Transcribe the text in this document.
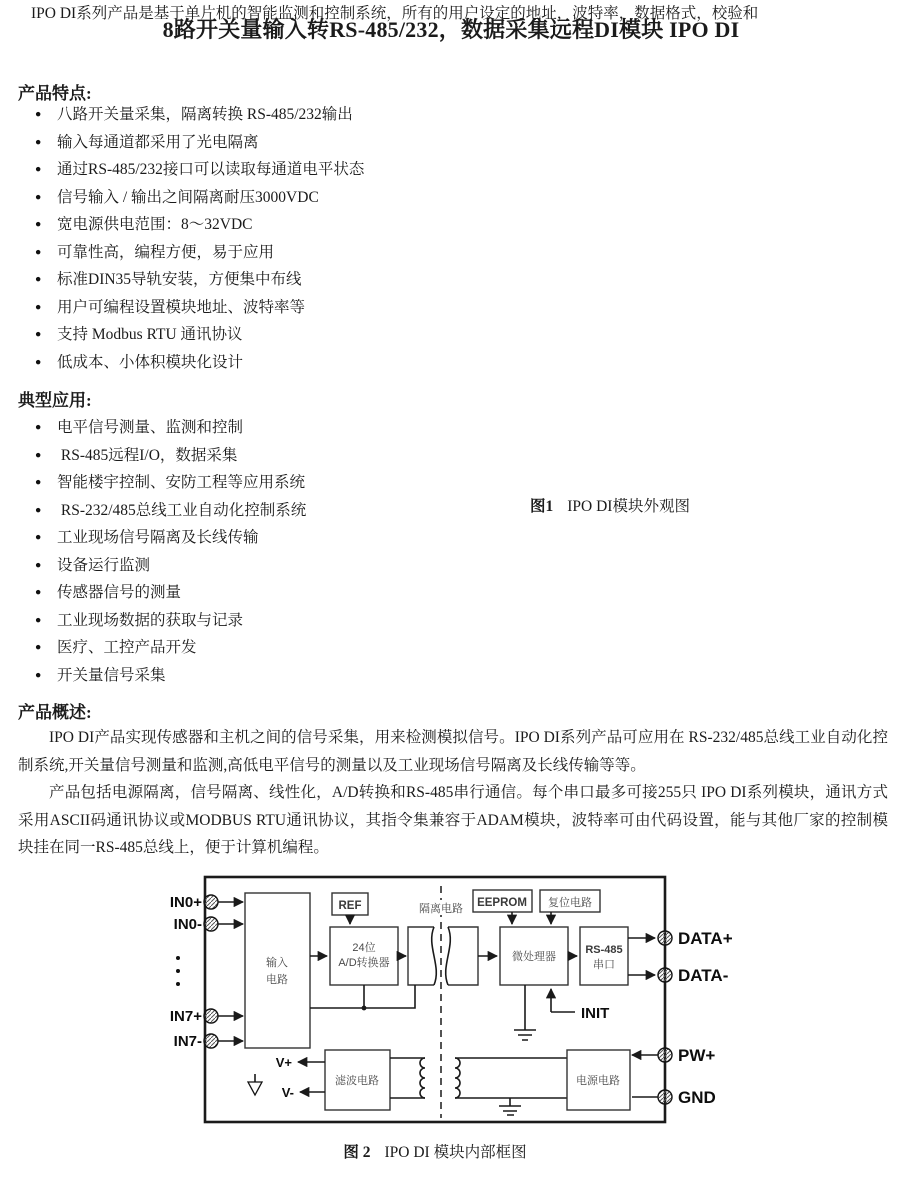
8路开关量输入转RS-485/232，数据采集远程DI模块 IPO DI
产品特点:
● 八路开关量采集，隔离转换 RS-485/232输出
● 输入每通道都采用了光电隔离
● 通过RS-485/232接口可以读取每通道电平状态
● 信号输入 / 输出之间隔离耐压3000VDC
● 宽电源供电范围：8～32VDC
● 可靠性高，编程方便，易于应用
● 标准DIN35导轨安装，方便集中布线
● 用户可编程设置模块地址、波特率等
● 支持 Modbus RTU 通讯协议
● 低成本、小体积模块化设计
典型应用:
● 电平信号测量、监测和控制
●  RS-485远程I/O，数据采集
● 智能楼宇控制、安防工程等应用系统
●  RS-232/485总线工业自动化控制系统
● 工业现场信号隔离及长线传输
● 设备运行监测
● 传感器信号的测量
● 工业现场数据的获取与记录
● 医疗、工控产品开发
● 开关量信号采集
图1 IPO DI模块外观图
产品概述:

IPO DI产品实现传感器和主机之间的信号采集，用来检测模拟信号。IPO DI系列产品可应用在 RS-232/485总线工业自动化控制系统,开关量信号测量和监测,高低电平信号的测量以及工业现场信号隔离及长线传输等等。

产品包括电源隔离，信号隔离、线性化，A/D转换和RS-485串行通信。每个串口最多可接255只 IPO DI系列模块，通讯方式采用ASCII码通讯协议或MODBUS RTU通讯协议，其指令集兼容于ADAM模块，波特率可由代码设置，能与其他厂家的控制模块挂在同一RS-485总线上，便于计算机编程。

输入
电路
REF
24位
A/D转换器
隔离电路 EEPROM 复位电路
微处理器
RS-485
串口
INIT
IN0+
IN0-
IN7+
IN7-
DATA+
DATA-
PW+
GND
滤波电路
V+
V-
电源电路
图 2 IPO DI 模块内部框图
IPO DI系列产品是基于单片机的智能监测和控制系统，所有的用户设定的地址，波特率，数据格式，校验和
